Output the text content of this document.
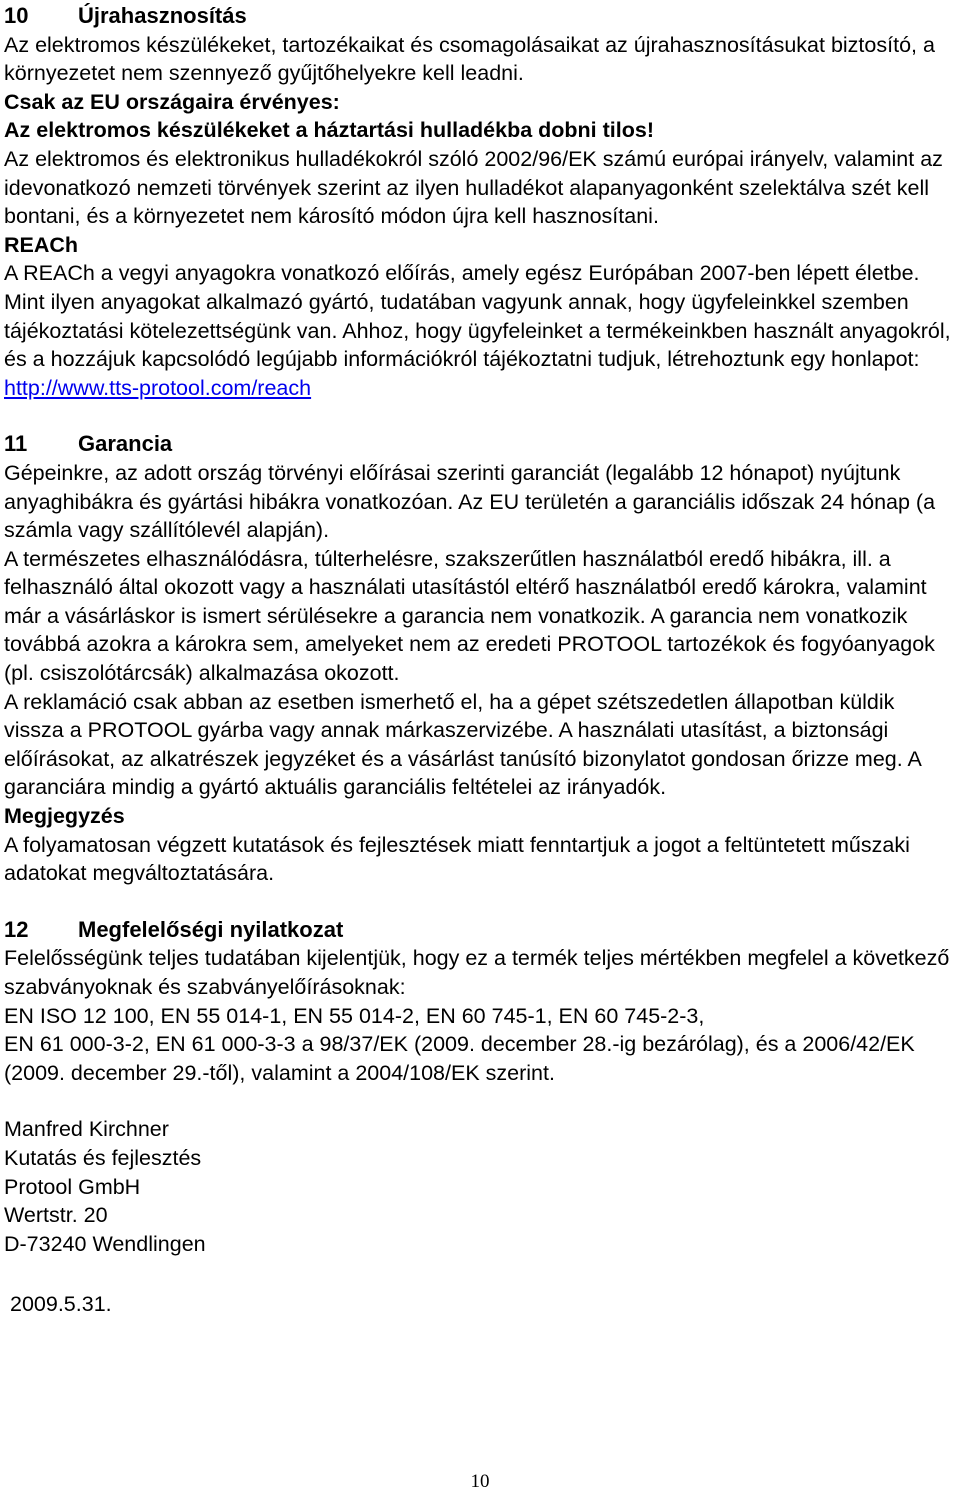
10 Újrahasznosítás

Az elektromos készülékeket, tartozékaikat és csomagolásaikat az újrahasznosításukat biztosító, a környezetet nem szennyező gyűjtőhelyekre kell leadni.

Csak az EU országaira érvényes:

Az elektromos készülékeket a háztartási hulladékba dobni tilos!

Az elektromos és elektronikus hulladékokról szóló 2002/96/EK számú európai irányelv, valamint az idevonatkozó nemzeti törvények szerint az ilyen hulladékot alapanyagonként szelektálva szét kell bontani, és a környezetet nem károsító módon újra kell hasznosítani.

REACh

A REACh a vegyi anyagokra vonatkozó előírás, amely egész Európában 2007-ben lépett életbe. Mint ilyen anyagokat alkalmazó gyártó, tudatában vagyunk annak, hogy ügyfeleinkkel szemben tájékoztatási kötelezettségünk van. Ahhoz, hogy ügyfeleinket a termékeinkben használt anyagokról, és a hozzájuk kapcsolódó legújabb információkról tájékoztatni tudjuk, létrehoztunk egy honlapot: http://www.tts-protool.com/reach

11 Garancia

Gépeinkre, az adott ország törvényi előírásai szerinti garanciát (legalább 12 hónapot) nyújtunk anyaghibákra és gyártási hibákra vonatkozóan. Az EU területén a garanciális időszak 24 hónap (a számla vagy szállítólevél alapján).

A természetes elhasználódásra, túlterhelésre, szakszerűtlen használatból eredő hibákra, ill. a felhasználó által okozott vagy a használati utasítástól eltérő használatból eredő károkra, valamint már a vásárláskor is ismert sérülésekre a garancia nem vonatkozik. A garancia nem vonatkozik továbbá azokra a károkra sem, amelyeket nem az eredeti PROTOOL tartozékok és fogyóanyagok (pl. csiszolótárcsák) alkalmazása okozott.

A reklamáció csak abban az esetben ismerhető el, ha a gépet szétszedetlen állapotban küldik vissza a PROTOOL gyárba vagy annak márkaszervizébe. A használati utasítást, a biztonsági előírásokat, az alkatrészek jegyzéket és a vásárlást tanúsító bizonylatot gondosan őrizze meg. A garanciára mindig a gyártó aktuális garanciális feltételei az irányadók.

Megjegyzés

A folyamatosan végzett kutatások és fejlesztések miatt fenntartjuk a jogot a feltüntetett műszaki adatokat megváltoztatására.

12 Megfelelőségi nyilatkozat

Felelősségünk teljes tudatában kijelentjük, hogy ez a termék teljes mértékben megfelel a következő szabványoknak és szabványelőírásoknak:

EN ISO 12 100, EN 55 014-1, EN 55 014-2, EN 60 745-1, EN 60 745-2-3,

EN 61 000-3-2, EN 61 000-3-3 a 98/37/EK (2009. december 28.-ig bezárólag), és a 2006/42/EK (2009. december 29.-től), valamint a 2004/108/EK szerint.

Manfred Kirchner

Kutatás és fejlesztés

Protool GmbH

Wertstr. 20

D-73240 Wendlingen

2009.5.31.

10
